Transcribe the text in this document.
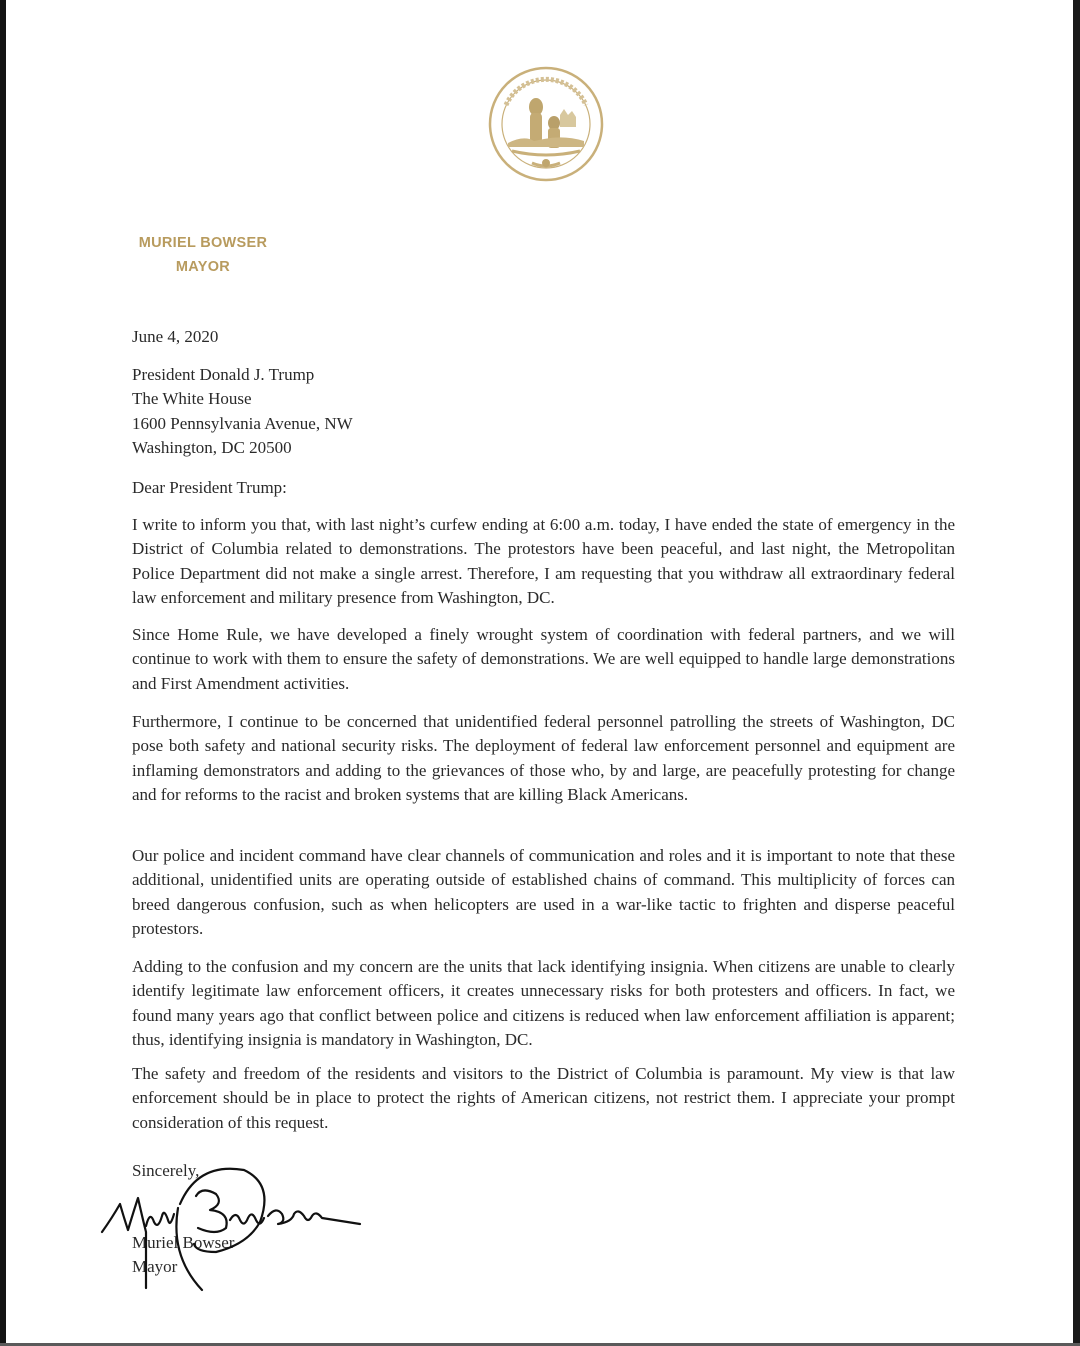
MURIEL BOWSER
MAYOR
June 4, 2020
President Donald J. Trump
The White House
1600 Pennsylvania Avenue, NW
Washington, DC 20500
Dear President Trump:

I write to inform you that, with last night’s curfew ending at 6:00 a.m. today, I have ended the state of emergency in the District of Columbia related to demonstrations. The protestors have been peaceful, and last night, the Metropolitan Police Department did not make a single arrest. Therefore, I am requesting that you withdraw all extraordinary federal law enforcement and military presence from Washington, DC.

Since Home Rule, we have developed a finely wrought system of coordination with federal partners, and we will continue to work with them to ensure the safety of demonstrations. We are well equipped to handle large demonstrations and First Amendment activities.

Furthermore, I continue to be concerned that unidentified federal personnel patrolling the streets of Washington, DC pose both safety and national security risks. The deployment of federal law enforcement personnel and equipment are inflaming demonstrators and adding to the grievances of those who, by and large, are peacefully protesting for change and for reforms to the racist and broken systems that are killing Black Americans.

Our police and incident command have clear channels of communication and roles and it is important to note that these additional, unidentified units are operating outside of established chains of command. This multiplicity of forces can breed dangerous confusion, such as when helicopters are used in a war-like tactic to frighten and disperse peaceful protestors.

Adding to the confusion and my concern are the units that lack identifying insignia. When citizens are unable to clearly identify legitimate law enforcement officers, it creates unnecessary risks for both protesters and officers. In fact, we found many years ago that conflict between police and citizens is reduced when law enforcement affiliation is apparent; thus, identifying insignia is mandatory in Washington, DC.

The safety and freedom of the residents and visitors to the District of Columbia is paramount. My view is that law enforcement should be in place to protect the rights of American citizens, not restrict them. I appreciate your prompt consideration of this request.

Sincerely,
Muriel Bowser
Mayor
